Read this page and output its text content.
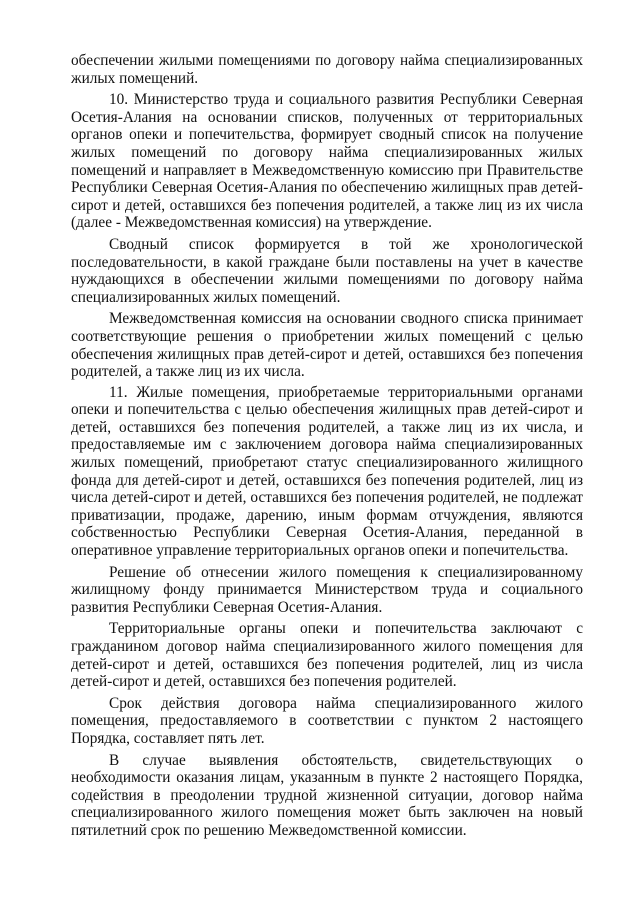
обеспечении жилыми помещениями по договору найма специализированных жилых помещений.

10. Министерство труда и социального развития Республики Северная Осетия-Алания на основании списков, полученных от территориальных органов опеки и попечительства, формирует сводный список на получение жилых помещений по договору найма специализированных жилых помещений и направляет в Межведомственную комиссию при Правительстве Республики Северная Осетия-Алания по обеспечению жилищных прав детей-сирот и детей, оставшихся без попечения родителей, а также лиц из их числа (далее - Межведомственная комиссия) на утверждение.

Сводный список формируется в той же хронологической последовательности, в какой граждане были поставлены на учет в качестве нуждающихся в обеспечении жилыми помещениями по договору найма специализированных жилых помещений.

Межведомственная комиссия на основании сводного списка принимает соответствующие решения о приобретении жилых помещений с целью обеспечения жилищных прав детей-сирот и детей, оставшихся без попечения родителей, а также лиц из их числа.

11. Жилые помещения, приобретаемые территориальными органами опеки и попечительства с целью обеспечения жилищных прав детей-сирот и детей, оставшихся без попечения родителей, а также лиц из их числа, и предоставляемые им с заключением договора найма специализированных жилых помещений, приобретают статус специализированного жилищного фонда для детей-сирот и детей, оставшихся без попечения родителей, лиц из числа детей-сирот и детей, оставшихся без попечения родителей, не подлежат приватизации, продаже, дарению, иным формам отчуждения, являются собственностью Республики Северная Осетия-Алания, переданной в оперативное управление территориальных органов опеки и попечительства.

Решение об отнесении жилого помещения к специализированному жилищному фонду принимается Министерством труда и социального развития Республики Северная Осетия-Алания.

Территориальные органы опеки и попечительства заключают с гражданином договор найма специализированного жилого помещения для детей-сирот и детей, оставшихся без попечения родителей, лиц из числа детей-сирот и детей, оставшихся без попечения родителей.

Срок действия договора найма специализированного жилого помещения, предоставляемого в соответствии с пунктом 2 настоящего Порядка, составляет пять лет.

В случае выявления обстоятельств, свидетельствующих о необходимости оказания лицам, указанным в пункте 2 настоящего Порядка, содействия в преодолении трудной жизненной ситуации, договор найма специализированного жилого помещения может быть заключен на новый пятилетний срок по решению Межведомственной комиссии.
